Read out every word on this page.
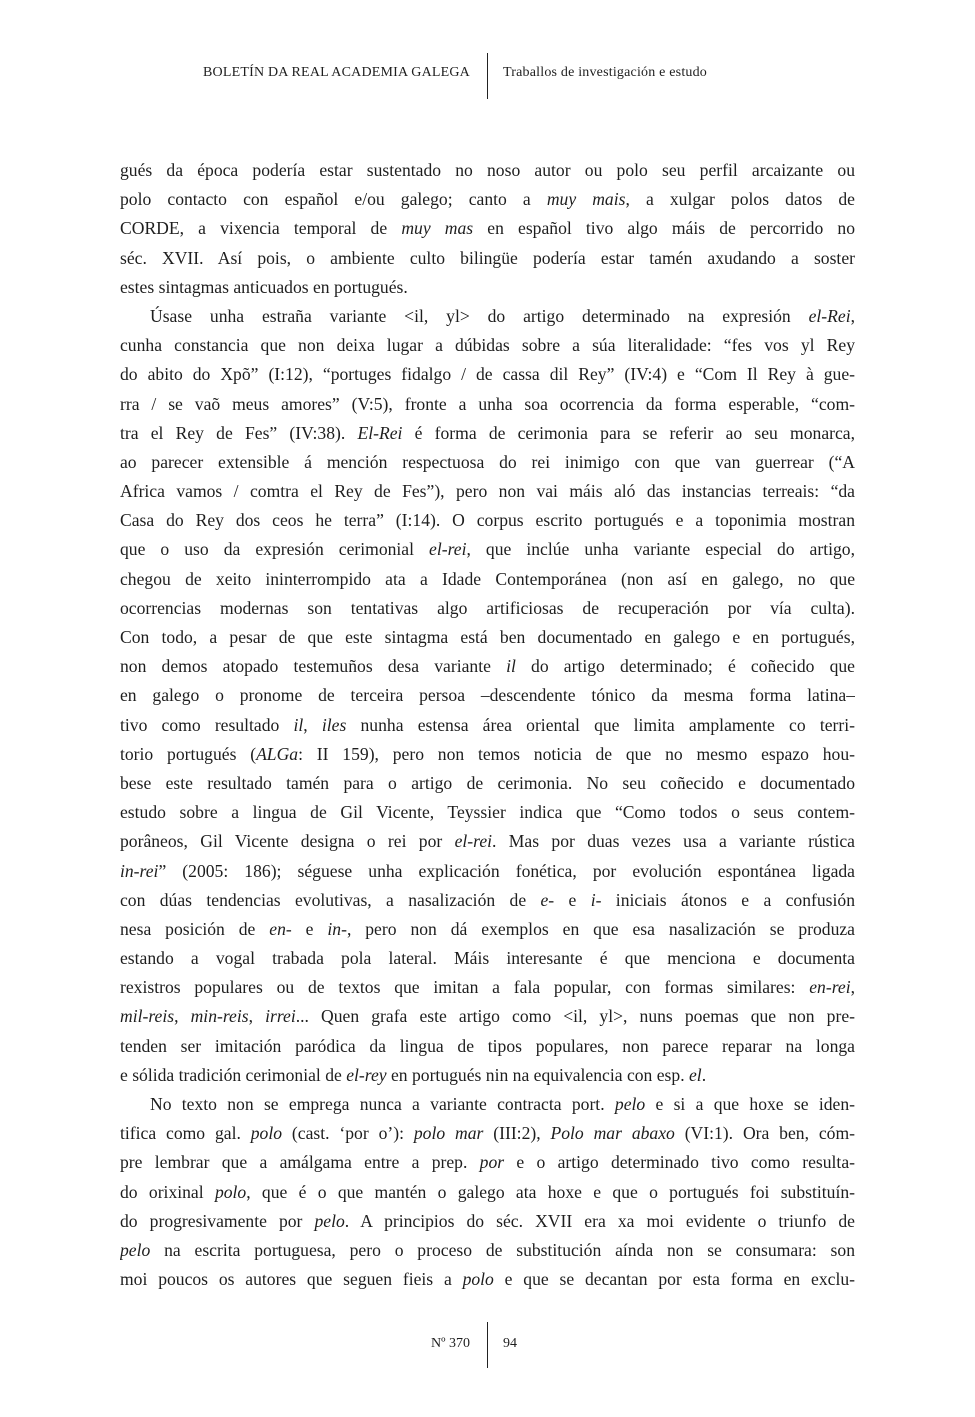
BOLETÍN DA REAL ACADEMIA GALEGA Traballos de investigación e estudo
gués da época podería estar sustentado no noso autor ou polo seu perfil arcaizante ou
polo contacto con español e/ou galego; canto a muy mais, a xulgar polos datos de
CORDE, a vixencia temporal de muy mas en español tivo algo máis de percorrido no
séc. XVII. Así pois, o ambiente culto bilingüe podería estar tamén axudando a soster
estes sintagmas anticuados en portugués.
Úsase unha estraña variante <il, yl> do artigo determinado na expresión el-Rei,
cunha constancia que non deixa lugar a dúbidas sobre a súa literalidade: “fes vos yl Rey
do abito do Xpõ” (I:12), “portuges fidalgo / de cassa dil Rey” (IV:4) e “Com Il Rey à gue-
rra / se vaõ meus amores” (V:5), fronte a unha soa ocorrencia da forma esperable, “com-
tra el Rey de Fes” (IV:38). El-Rei é forma de cerimonia para se referir ao seu monarca,
ao parecer extensible á mención respectuosa do rei inimigo con que van guerrear (“A
Africa vamos / comtra el Rey de Fes”), pero non vai máis aló das instancias terreais: “da
Casa do Rey dos ceos he terra” (I:14). O corpus escrito portugués e a toponimia mostran
que o uso da expresión cerimonial el-rei, que inclúe unha variante especial do artigo,
chegou de xeito ininterrompido ata a Idade Contemporánea (non así en galego, no que
ocorrencias modernas son tentativas algo artificiosas de recuperación por vía culta).
Con todo, a pesar de que este sintagma está ben documentado en galego e en portugués,
non demos atopado testemuños desa variante il do artigo determinado; é coñecido que
en galego o pronome de terceira persoa –descendente tónico da mesma forma latina–
tivo como resultado il, iles nunha estensa área oriental que limita amplamente co terri-
torio portugués (ALGa: II 159), pero non temos noticia de que no mesmo espazo hou-
bese este resultado tamén para o artigo de cerimonia. No seu coñecido e documentado
estudo sobre a lingua de Gil Vicente, Teyssier indica que “Como todos o seus contem-
porâneos, Gil Vicente designa o rei por el-rei. Mas por duas vezes usa a variante rústica
in-rei” (2005: 186); séguese unha explicación fonética, por evolución espontánea ligada
con dúas tendencias evolutivas, a nasalización de e- e i- iniciais átonos e a confusión
nesa posición de en- e in-, pero non dá exemplos en que esa nasalización se produza
estando a vogal trabada pola lateral. Máis interesante é que menciona e documenta
rexistros populares ou de textos que imitan a fala popular, con formas similares: en-rei,
mil-reis, min-reis, irrei... Quen grafa este artigo como <il, yl>, nuns poemas que non pre-
tenden ser imitación paródica da lingua de tipos populares, non parece reparar na longa
e sólida tradición cerimonial de el-rey en portugués nin na equivalencia con esp. el.
No texto non se emprega nunca a variante contracta port. pelo e si a que hoxe se iden-
tifica como gal. polo (cast. ‘por o’): polo mar (III:2), Polo mar abaxo (VI:1). Ora ben, cóm-
pre lembrar que a amálgama entre a prep. por e o artigo determinado tivo como resulta-
do orixinal polo, que é o que mantén o galego ata hoxe e que o portugués foi substituín-
do progresivamente por pelo. A principios do séc. XVII era xa moi evidente o triunfo de
pelo na escrita portuguesa, pero o proceso de substitución aínda non se consumara: son
moi poucos os autores que seguen fieis a polo e que se decantan por esta forma en exclu-
Nº 370 94
